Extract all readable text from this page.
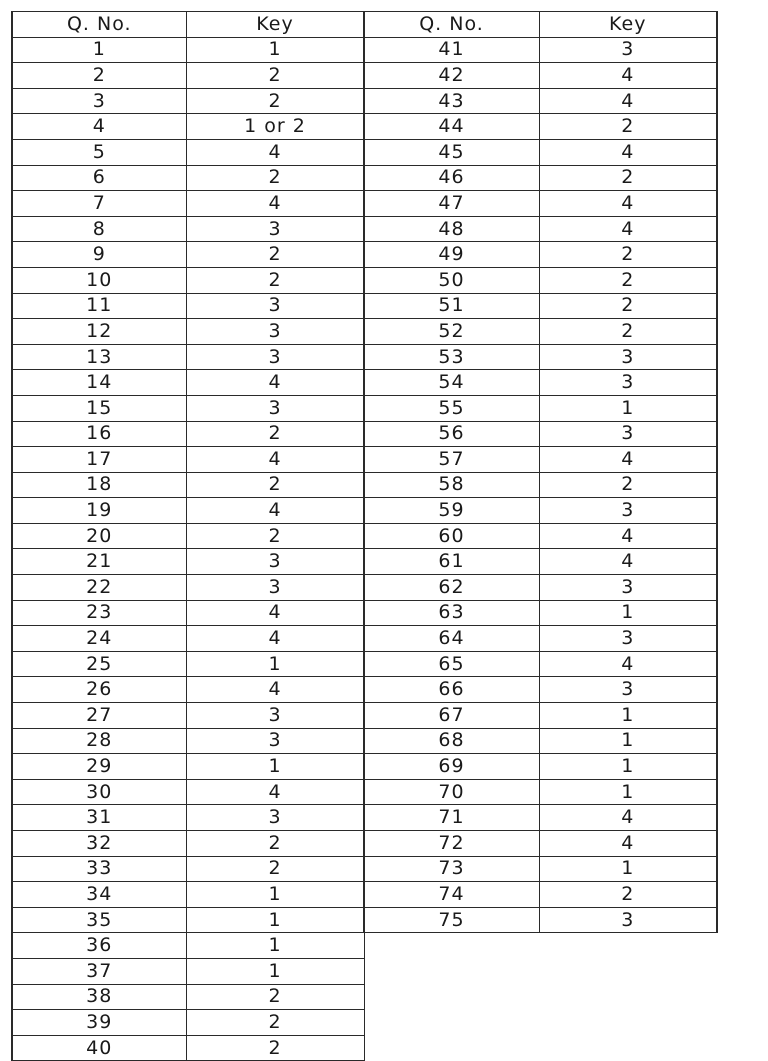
Q. No.	Key
1	1
2	2
3	2
4	1 or 2
5	4
6	2
7	4
8	3
9	2
10	2
11	3
12	3
13	3
14	4
15	3
16	2
17	4
18	2
19	4
20	2
21	3
22	3
23	4
24	4
25	1
26	4
27	3
28	3
29	1
30	4
31	3
32	2
33	2
34	1
35	1
36	1
37	1
38	2
39	2
40	2
Q. No.	Key
41	3
42	4
43	4
44	2
45	4
46	2
47	4
48	4
49	2
50	2
51	2
52	2
53	3
54	3
55	1
56	3
57	4
58	2
59	3
60	4
61	4
62	3
63	1
64	3
65	4
66	3
67	1
68	1
69	1
70	1
71	4
72	4
73	1
74	2
75	3
